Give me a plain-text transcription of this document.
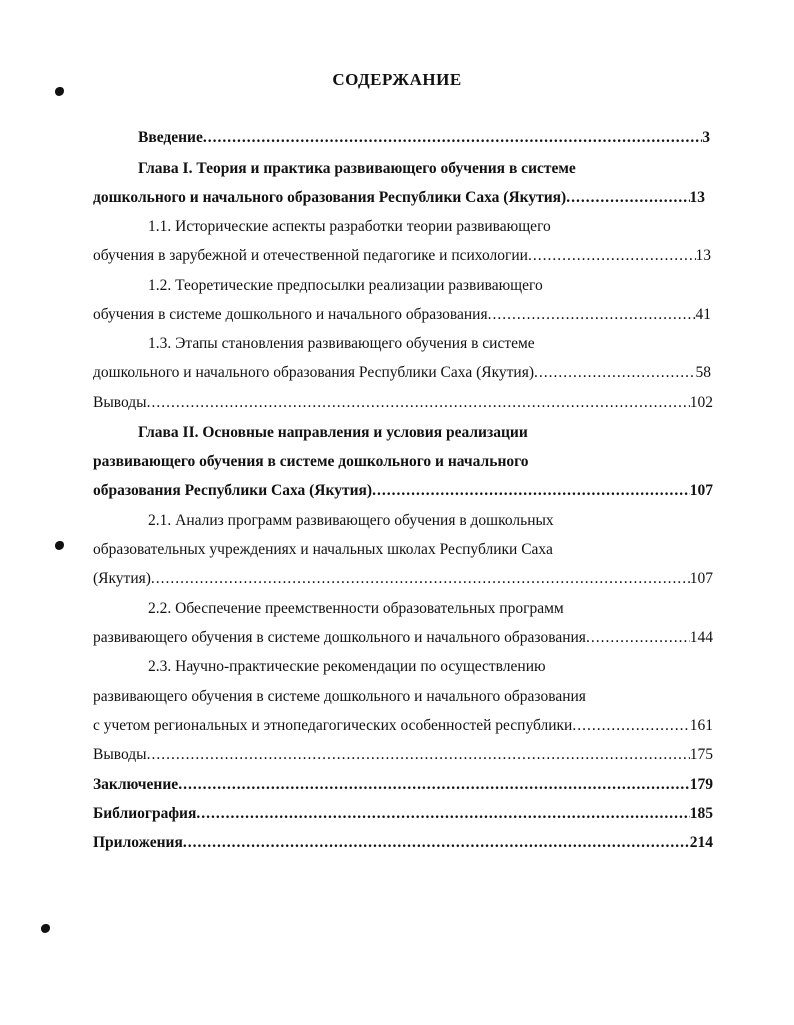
СОДЕРЖАНИЕ
Введение .....	3
Глава I. Теория и практика развивающего обучения в системе
дошкольного и начального образования Республики Саха (Якутия) .....	13
1.1. Исторические аспекты разработки теории развивающего
обучения в зарубежной и отечественной педагогике и психологии .....	13
1.2. Теоретические предпосылки реализации развивающего
обучения в системе дошкольного и начального образования .....	41
1.3. Этапы становления развивающего обучения в системе
дошкольного и начального образования Республики Саха (Якутия) .....	58
Выводы .....	102
Глава II. Основные направления и условия реализации
развивающего обучения в системе дошкольного и начального
образования Республики Саха (Якутия) .....	107
2.1. Анализ программ развивающего обучения в дошкольных
образовательных учреждениях и начальных школах Республики Саха
(Якутия) .....	107
2.2. Обеспечение преемственности образовательных программ
развивающего обучения в системе дошкольного и начального образования .....	144
2.3. Научно-практические рекомендации по осуществлению
развивающего обучения в системе дошкольного и начального образования
с учетом региональных и этнопедагогических особенностей республики .....	161
Выводы .....	175
Заключение .....	179
Библиография .....	185
Приложения .....	214
